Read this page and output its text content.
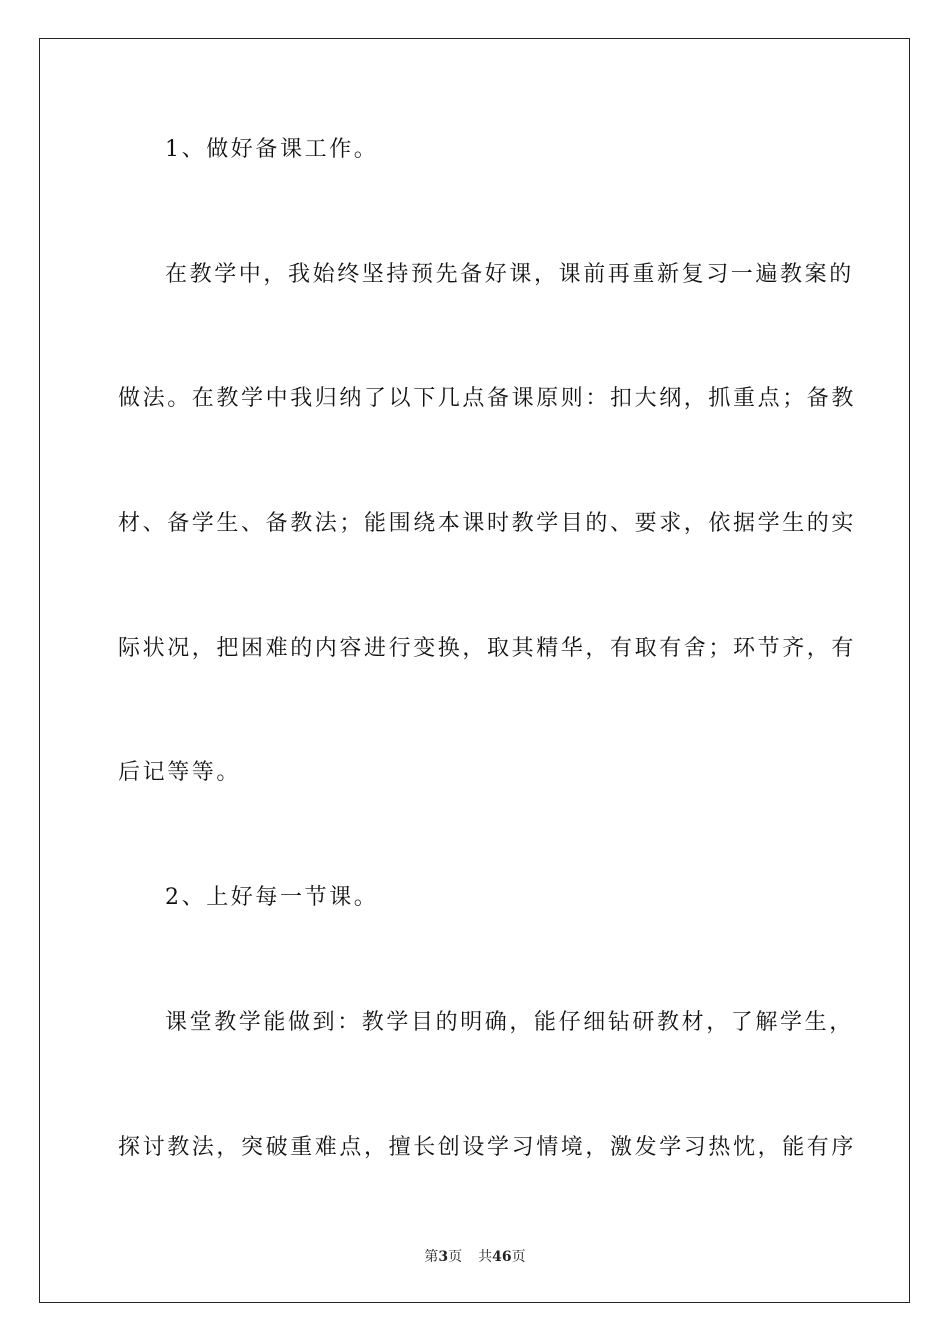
1、做好备课工作。
在教学中，我始终坚持预先备好课，课前再重新复习一遍教案的
做法。在教学中我归纳了以下几点备课原则：扣大纲，抓重点；备教
材、备学生、备教法；能围绕本课时教学目的、要求，依据学生的实
际状况，把困难的内容进行变换，取其精华，有取有舍；环节齐，有
后记等等。
2、上好每一节课。
课堂教学能做到：教学目的明确，能仔细钻研教材，了解学生，
探讨教法，突破重难点，擅长创设学习情境，激发学习热忱，能有序
第3页 共46页
